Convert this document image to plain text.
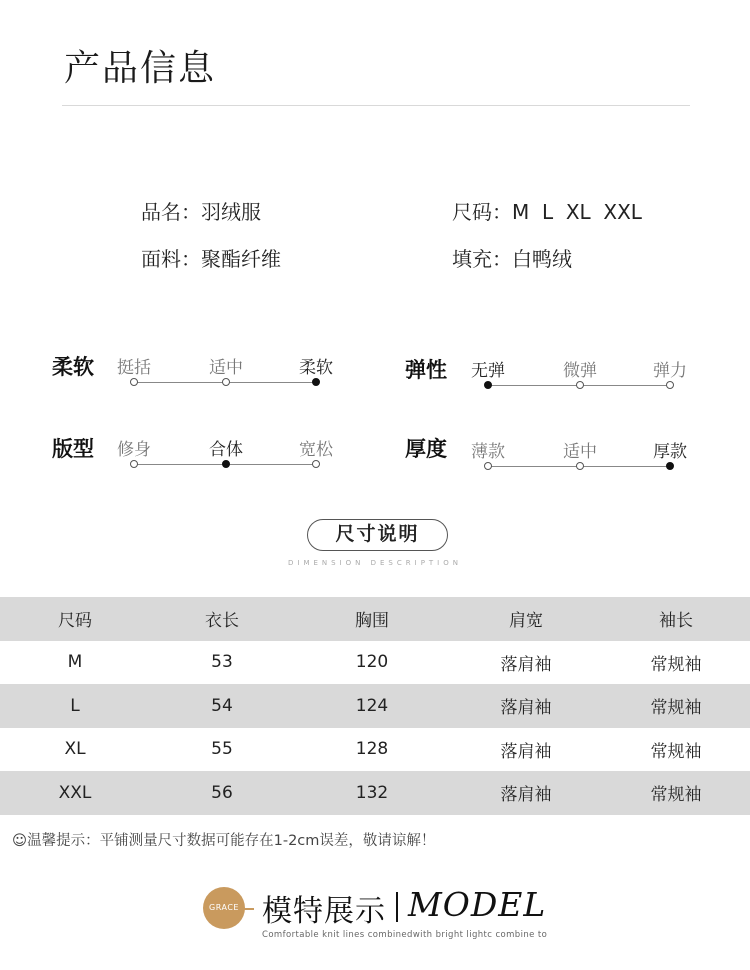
产品信息
品名：羽绒服	尺码：M  L  XL  XXL
面料：聚酯纤维	填充：白鸭绒
柔软	挺括	适中	柔软	弹性	无弹	微弹	弹力
版型	修身	合体	宽松	厚度	薄款	适中	厚款
尺寸说明
DIMENSION DESCRIPTION
尺码	衣长	胸围	肩宽	袖长
M	53	120	落肩袖	常规袖
L	54	124	落肩袖	常规袖
XL	55	128	落肩袖	常规袖
XXL	56	132	落肩袖	常规袖
☺温馨提示：平铺测量尺寸数据可能存在1-2cm误差，敬请谅解！
GRACE 模特展示 MODEL
Comfortable knit lines combinedwith bright lightc combine to
